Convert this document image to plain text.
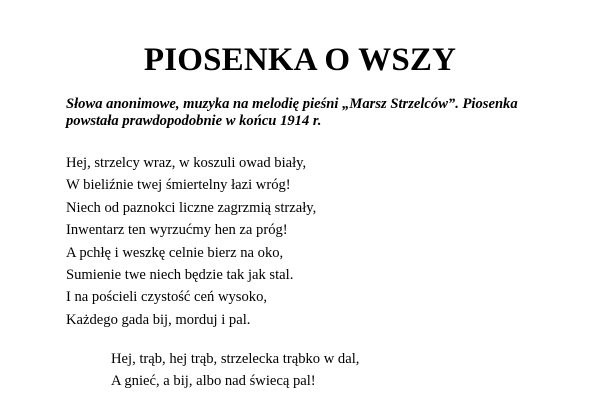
PIOSENKA O WSZY
Słowa anonimowe, muzyka na melodię pieśni „Marsz Strzelców”. Piosenka
powstała prawdopodobnie w końcu 1914 r.
Hej, strzelcy wraz, w koszuli owad biały,
W bieliźnie twej śmiertelny łazi wróg!
Niech od paznokci liczne zagrzmią strzały,
Inwentarz ten wyrzućmy hen za próg!
A pchłę i weszkę celnie bierz na oko,
Sumienie twe niech będzie tak jak stal.
I na pościeli czystość ceń wysoko,
Każdego gada bij, morduj i pal.
Hej, trąb, hej trąb, strzelecka trąbko w dal,
A gnieć, a bij, albo nad świecą pal!
